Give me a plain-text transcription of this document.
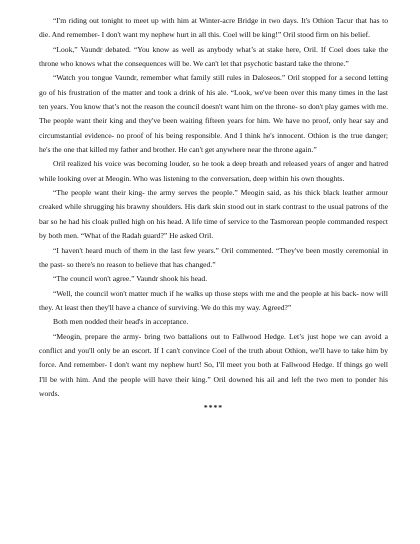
“I'm riding out tonight to meet up with him at Winter-acre Bridge in two days. It's Othion Tacur that has to die. And remember- I don't want my nephew hurt in all this. Coel will be king!” Oril stood firm on his belief.

“Look,” Vaundr debated. “You know as well as anybody what’s at stake here, Oril. If Coel does take the throne who knows what the consequences will be. We can't let that psychotic bastard take the throne.”

“Watch you tongue Vaundr, remember what family still rules in Daloseos.” Oril stopped for a second letting go of his frustration of the matter and took a drink of his ale. “Look, we've been over this many times in the last ten years. You know that’s not the reason the council doesn't want him on the throne- so don't play games with me. The people want their king and they've been waiting fifteen years for him. We have no proof, only hear say and circumstantial evidence- no proof of his being responsible. And I think he's innocent. Othion is the true danger; he's the one that killed my father and brother. He can't get anywhere near the throne again.”

Oril realized his voice was becoming louder, so he took a deep breath and released years of anger and hatred while looking over at Meogin. Who was listening to the conversation, deep within his own thoughts.

“The people want their king- the army serves the people.” Meogin said, as his thick black leather armour creaked while shrugging his brawny shoulders. His dark skin stood out in stark contrast to the usual patrons of the bar so he had his cloak pulled high on his head. A life time of service to the Tasmorean people commanded respect by both men. “What of the Radah guard?” He asked Oril.

“I haven't heard much of them in the last few years.” Oril commented. “They've been mostly ceremonial in the past- so there's no reason to believe that has changed.”

“The council won't agree.” Vaundr shook his head.

“Well, the council won't matter much if he walks up those steps with me and the people at his back- now will they. At least then they'll have a chance of surviving. We do this my way. Agreed?”

Both men nodded their head's in acceptance.

“Meogin, prepare the army- bring two battalions out to Fallwood Hedge. Let’s just hope we can avoid a conflict and you'll only be an escort. If I can't convince Coel of the truth about Othion, we'll have to take him by force. And remember- I don't want my nephew hurt! So, I'll meet you both at Fallwood Hedge. If things go well I'll be with him. And the people will have their king.” Oril downed his ail and left the two men to ponder his words.

****
